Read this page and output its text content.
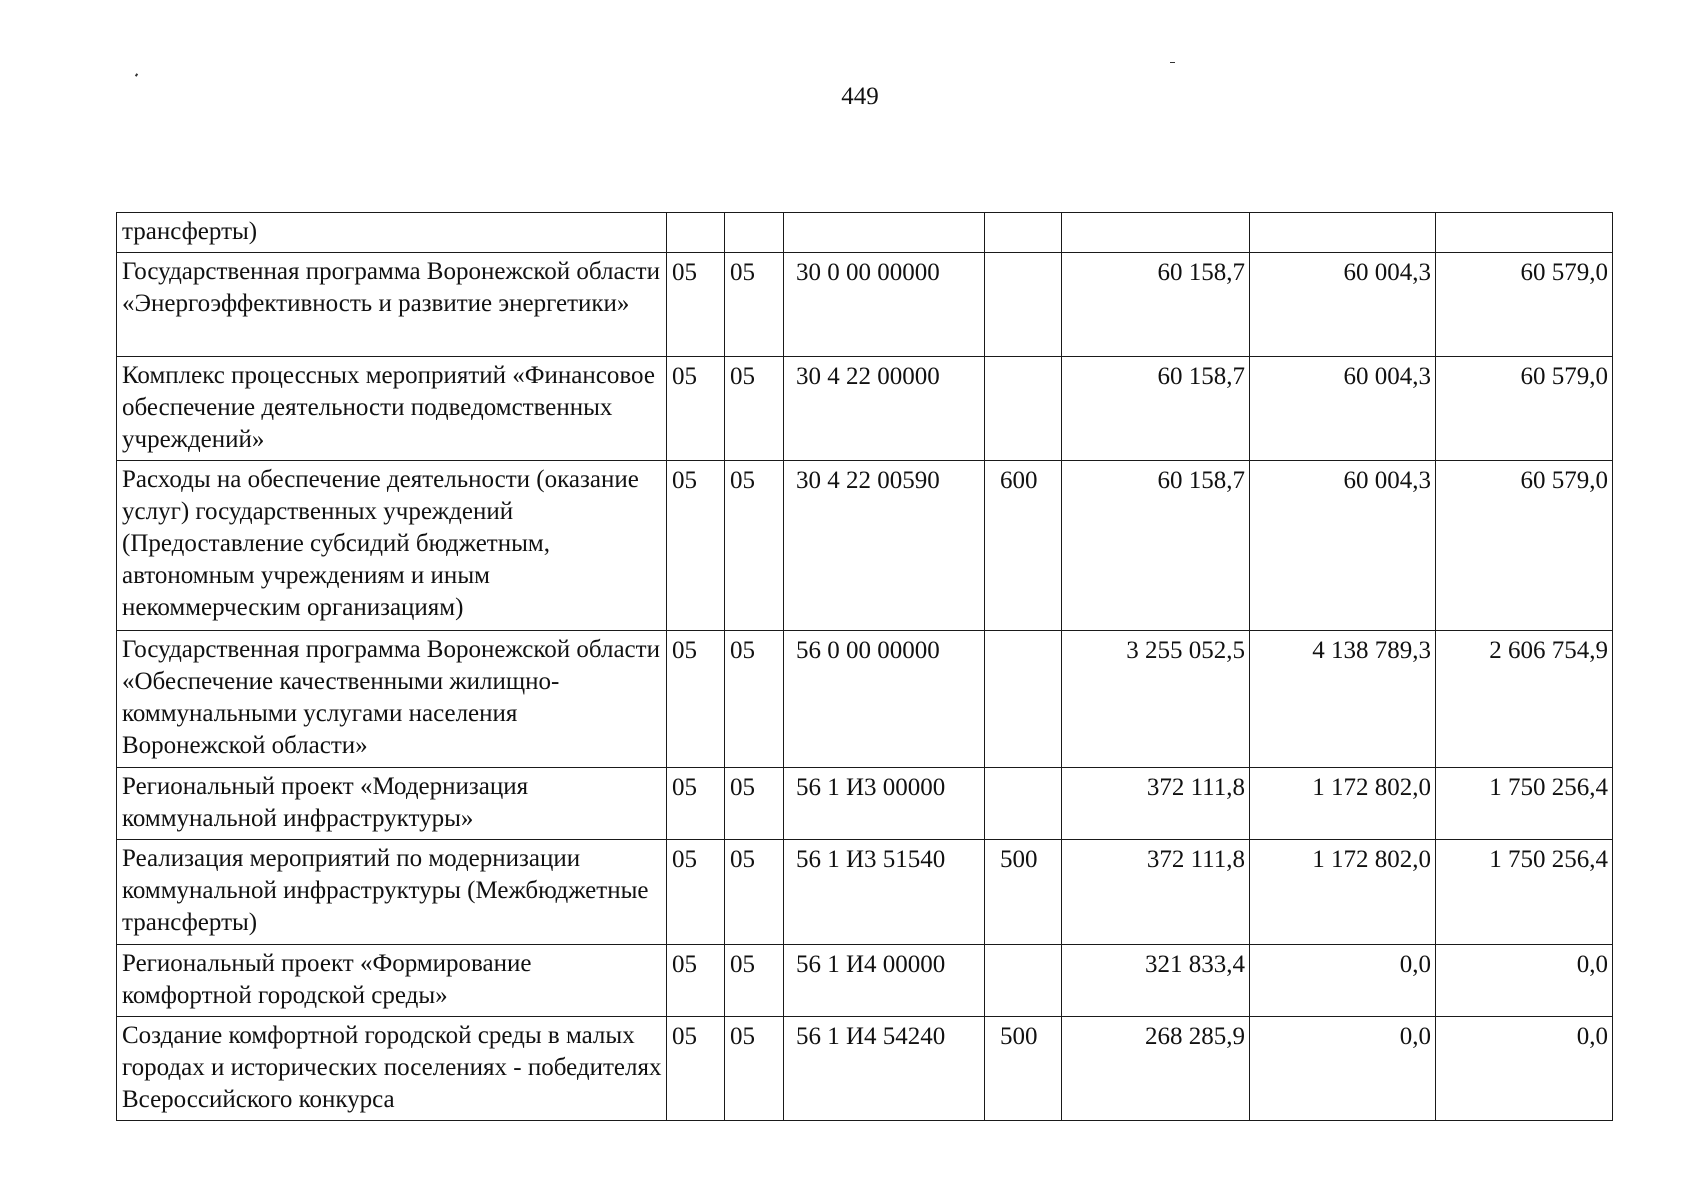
449
трансферты)							
Государственная программа Воронежской области «Энергоэффективность и развитие энергетики»	05	05	30 0 00 00000		60 158,7	60 004,3	60 579,0
Комплекс процессных мероприятий «Финансовое обеспечение деятельности подведомственных учреждений»	05	05	30 4 22 00000		60 158,7	60 004,3	60 579,0
Расходы на обеспечение деятельности (оказание услуг) государственных учреждений (Предоставление субсидий бюджетным, автономным учреждениям и иным некоммерческим организациям)	05	05	30 4 22 00590	600	60 158,7	60 004,3	60 579,0
Государственная программа Воронежской области «Обеспечение качественными жилищно-коммунальными услугами населения Воронежской области»	05	05	56 0 00 00000		3 255 052,5	4 138 789,3	2 606 754,9
Региональный проект «Модернизация коммунальной инфраструктуры»	05	05	56 1 И3 00000		372 111,8	1 172 802,0	1 750 256,4
Реализация мероприятий по модернизации коммунальной инфраструктуры (Межбюджетные трансферты)	05	05	56 1 И3 51540	500	372 111,8	1 172 802,0	1 750 256,4
Региональный проект «Формирование комфортной городской среды»	05	05	56 1 И4 00000		321 833,4	0,0	0,0
Создание комфортной городской среды в малых городах и исторических поселениях - победителях Всероссийского конкурса	05	05	56 1 И4 54240	500	268 285,9	0,0	0,0
